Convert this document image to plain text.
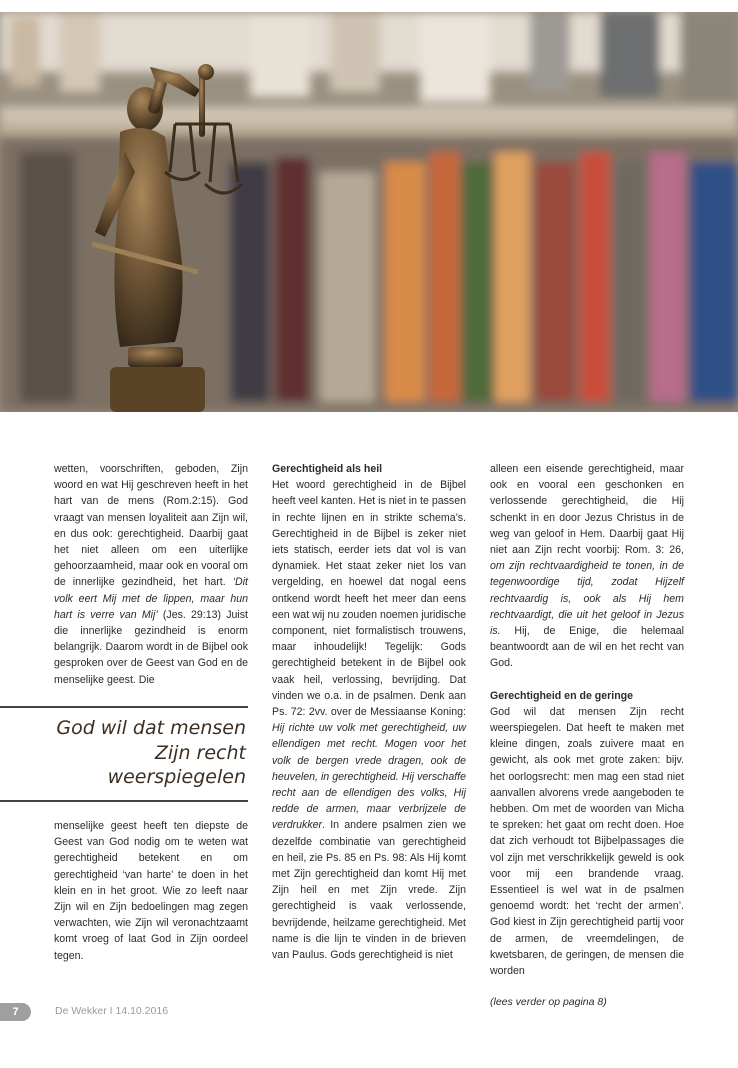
wetten, voorschriften, geboden, Zijn woord en wat Hij geschreven heeft in het hart van de mens (Rom.2:15). God vraagt van mensen loyaliteit aan Zijn wil, en dus ook: gerechtigheid. Daarbij gaat het niet alleen om een uiterlijke gehoorzaamheid, maar ook en vooral om de innerlijke gezindheid, het hart. ‘Dit volk eert Mij met de lippen, maar hun hart is verre van Mij’ (Jes. 29:13) Juist die innerlijke gezindheid is enorm belangrijk. Daarom wordt in de Bijbel ook gesproken over de Geest van God en de menselijke geest. Die

God wil dat mensen
Zijn recht
weerspiegelen

menselijke geest heeft ten diepste de Geest van God nodig om te weten wat gerechtigheid betekent en om gerechtigheid ‘van harte’ te doen in het klein en in het groot. Wie zo leeft naar Zijn wil en Zijn bedoelingen mag zegen verwachten, wie Zijn wil veronachtzaamt komt vroeg of laat God in Zijn oordeel tegen.

Gerechtigheid als heil

Het woord gerechtigheid in de Bijbel heeft veel kanten. Het is niet in te passen in rechte lijnen en in strikte schema’s. Gerechtigheid in de Bijbel is zeker niet iets statisch, eerder iets dat vol is van dynamiek. Het staat zeker niet los van vergelding, en hoewel dat nogal eens ontkend wordt heeft het meer dan eens een wat wij nu zouden noemen juridische component, niet formalistisch trouwens, maar inhoudelijk! Tegelijk: Gods gerechtigheid betekent in de Bijbel ook vaak heil, verlossing, bevrijding. Dat vinden we o.a. in de psalmen. Denk aan Ps. 72: 2vv. over de Messiaanse Koning: Hij richte uw volk met gerechtigheid, uw ellendigen met recht. Mogen voor het volk de bergen vrede dragen, ook de heuvelen, in gerechtigheid. Hij verschaffe recht aan de ellendigen des volks, Hij redde de armen, maar verbrijzele de verdrukker. In andere psalmen zien we dezelfde combinatie van gerechtigheid en heil, zie Ps. 85 en Ps. 98: Als Hij komt met Zijn gerechtigheid dan komt Hij met Zijn heil en met Zijn vrede. Zijn gerechtigheid is vaak verlossende, bevrijdende, heilzame gerechtigheid. Met name is die lijn te vinden in de brieven van Paulus. Gods gerechtigheid is niet

alleen een eisende gerechtigheid, maar ook en vooral een geschonken en verlossende gerechtigheid, die Hij schenkt in en door Jezus Christus in de weg van geloof in Hem. Daarbij gaat Hij niet aan Zijn recht voorbij: Rom. 3: 26, om zijn rechtvaardigheid te tonen, in de tegenwoordige tijd, zodat Hijzelf rechtvaardig is, ook als Hij hem rechtvaardigt, die uit het geloof in Jezus is. Hij, de Enige, die helemaal beantwoordt aan de wil en het recht van God.

Gerechtigheid en de geringe

God wil dat mensen Zijn recht weerspiegelen. Dat heeft te maken met kleine dingen, zoals zuivere maat en gewicht, als ook met grote zaken: bijv. het oorlogsrecht: men mag een stad niet aanvallen alvorens vrede aangeboden te hebben. Om met de woorden van Micha te spreken: het gaat om recht doen. Hoe dat zich verhoudt tot Bijbelpassages die vol zijn met verschrikkelijk geweld is ook voor mij een brandende vraag. Essentieel is wel wat in de psalmen genoemd wordt: het ‘recht der armen’. God kiest in Zijn gerechtigheid partij voor de armen, de vreemdelingen, de kwetsbaren, de geringen, de mensen die worden

(lees verder op pagina 8)
7	De Wekker I 14.10.2016
